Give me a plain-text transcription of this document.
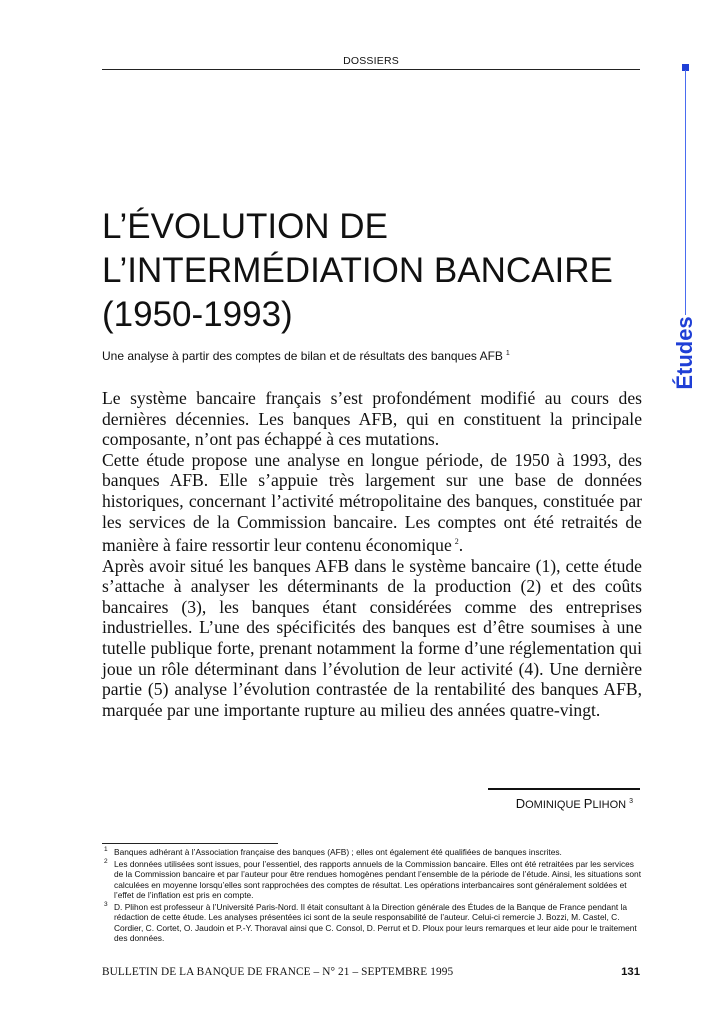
DOSSIERS
Études
L’ÉVOLUTION DE
L’INTERMÉDIATION BANCAIRE
(1950-1993)
Une analyse à partir des comptes de bilan et de résultats des banques AFB $^1$

Le système bancaire français s’est profondément modifié au cours des dernières décennies. Les banques AFB, qui en constituent la principale composante, n’ont pas échappé à ces mutations.

Cette étude propose une analyse en longue période, de 1950 à 1993, des banques AFB. Elle s’appuie très largement sur une base de données historiques, concernant l’activité métropolitaine des banques, constituée par les services de la Commission bancaire. Les comptes ont été retraités de manière à faire ressortir leur contenu économique $^2$.

Après avoir situé les banques AFB dans le système bancaire (1), cette étude s’attache à analyser les déterminants de la production (2) et des coûts bancaires (3), les banques étant considérées comme des entreprises industrielles. L’une des spécificités des banques est d’être soumises à une tutelle publique forte, prenant notamment la forme d’une réglementation qui joue un rôle déterminant dans l’évolution de leur activité (4). Une dernière partie (5) analyse l’évolution contrastée de la rentabilité des banques AFB, marquée par une importante rupture au milieu des années quatre-vingt.

DOMINIQUE PLIHON $^3$
1 Banques adhérant à l’Association française des banques (AFB) ; elles ont également été qualifiées de banques inscrites.
2 Les données utilisées sont issues, pour l’essentiel, des rapports annuels de la Commission bancaire. Elles ont été retraitées par les services de la Commission bancaire et par l’auteur pour être rendues homogènes pendant l’ensemble de la période de l’étude. Ainsi, les situations sont calculées en moyenne lorsqu’elles sont rapprochées des comptes de résultat. Les opérations interbancaires sont généralement soldées et l’effet de l’inflation est pris en compte.
3 D. Plihon est professeur à l’Université Paris-Nord. Il était consultant à la Direction générale des Études de la Banque de France pendant la rédaction de cette étude. Les analyses présentées ici sont de la seule responsabilité de l’auteur. Celui-ci remercie J. Bozzi, M. Castel, C. Cordier, C. Cortet, O. Jaudoin et P.-Y. Thoraval ainsi que C. Consol, D. Perrut et D. Ploux pour leurs remarques et leur aide pour le traitement des données.
BULLETIN DE LA BANQUE DE FRANCE – N° 21 – SEPTEMBRE 1995	131
